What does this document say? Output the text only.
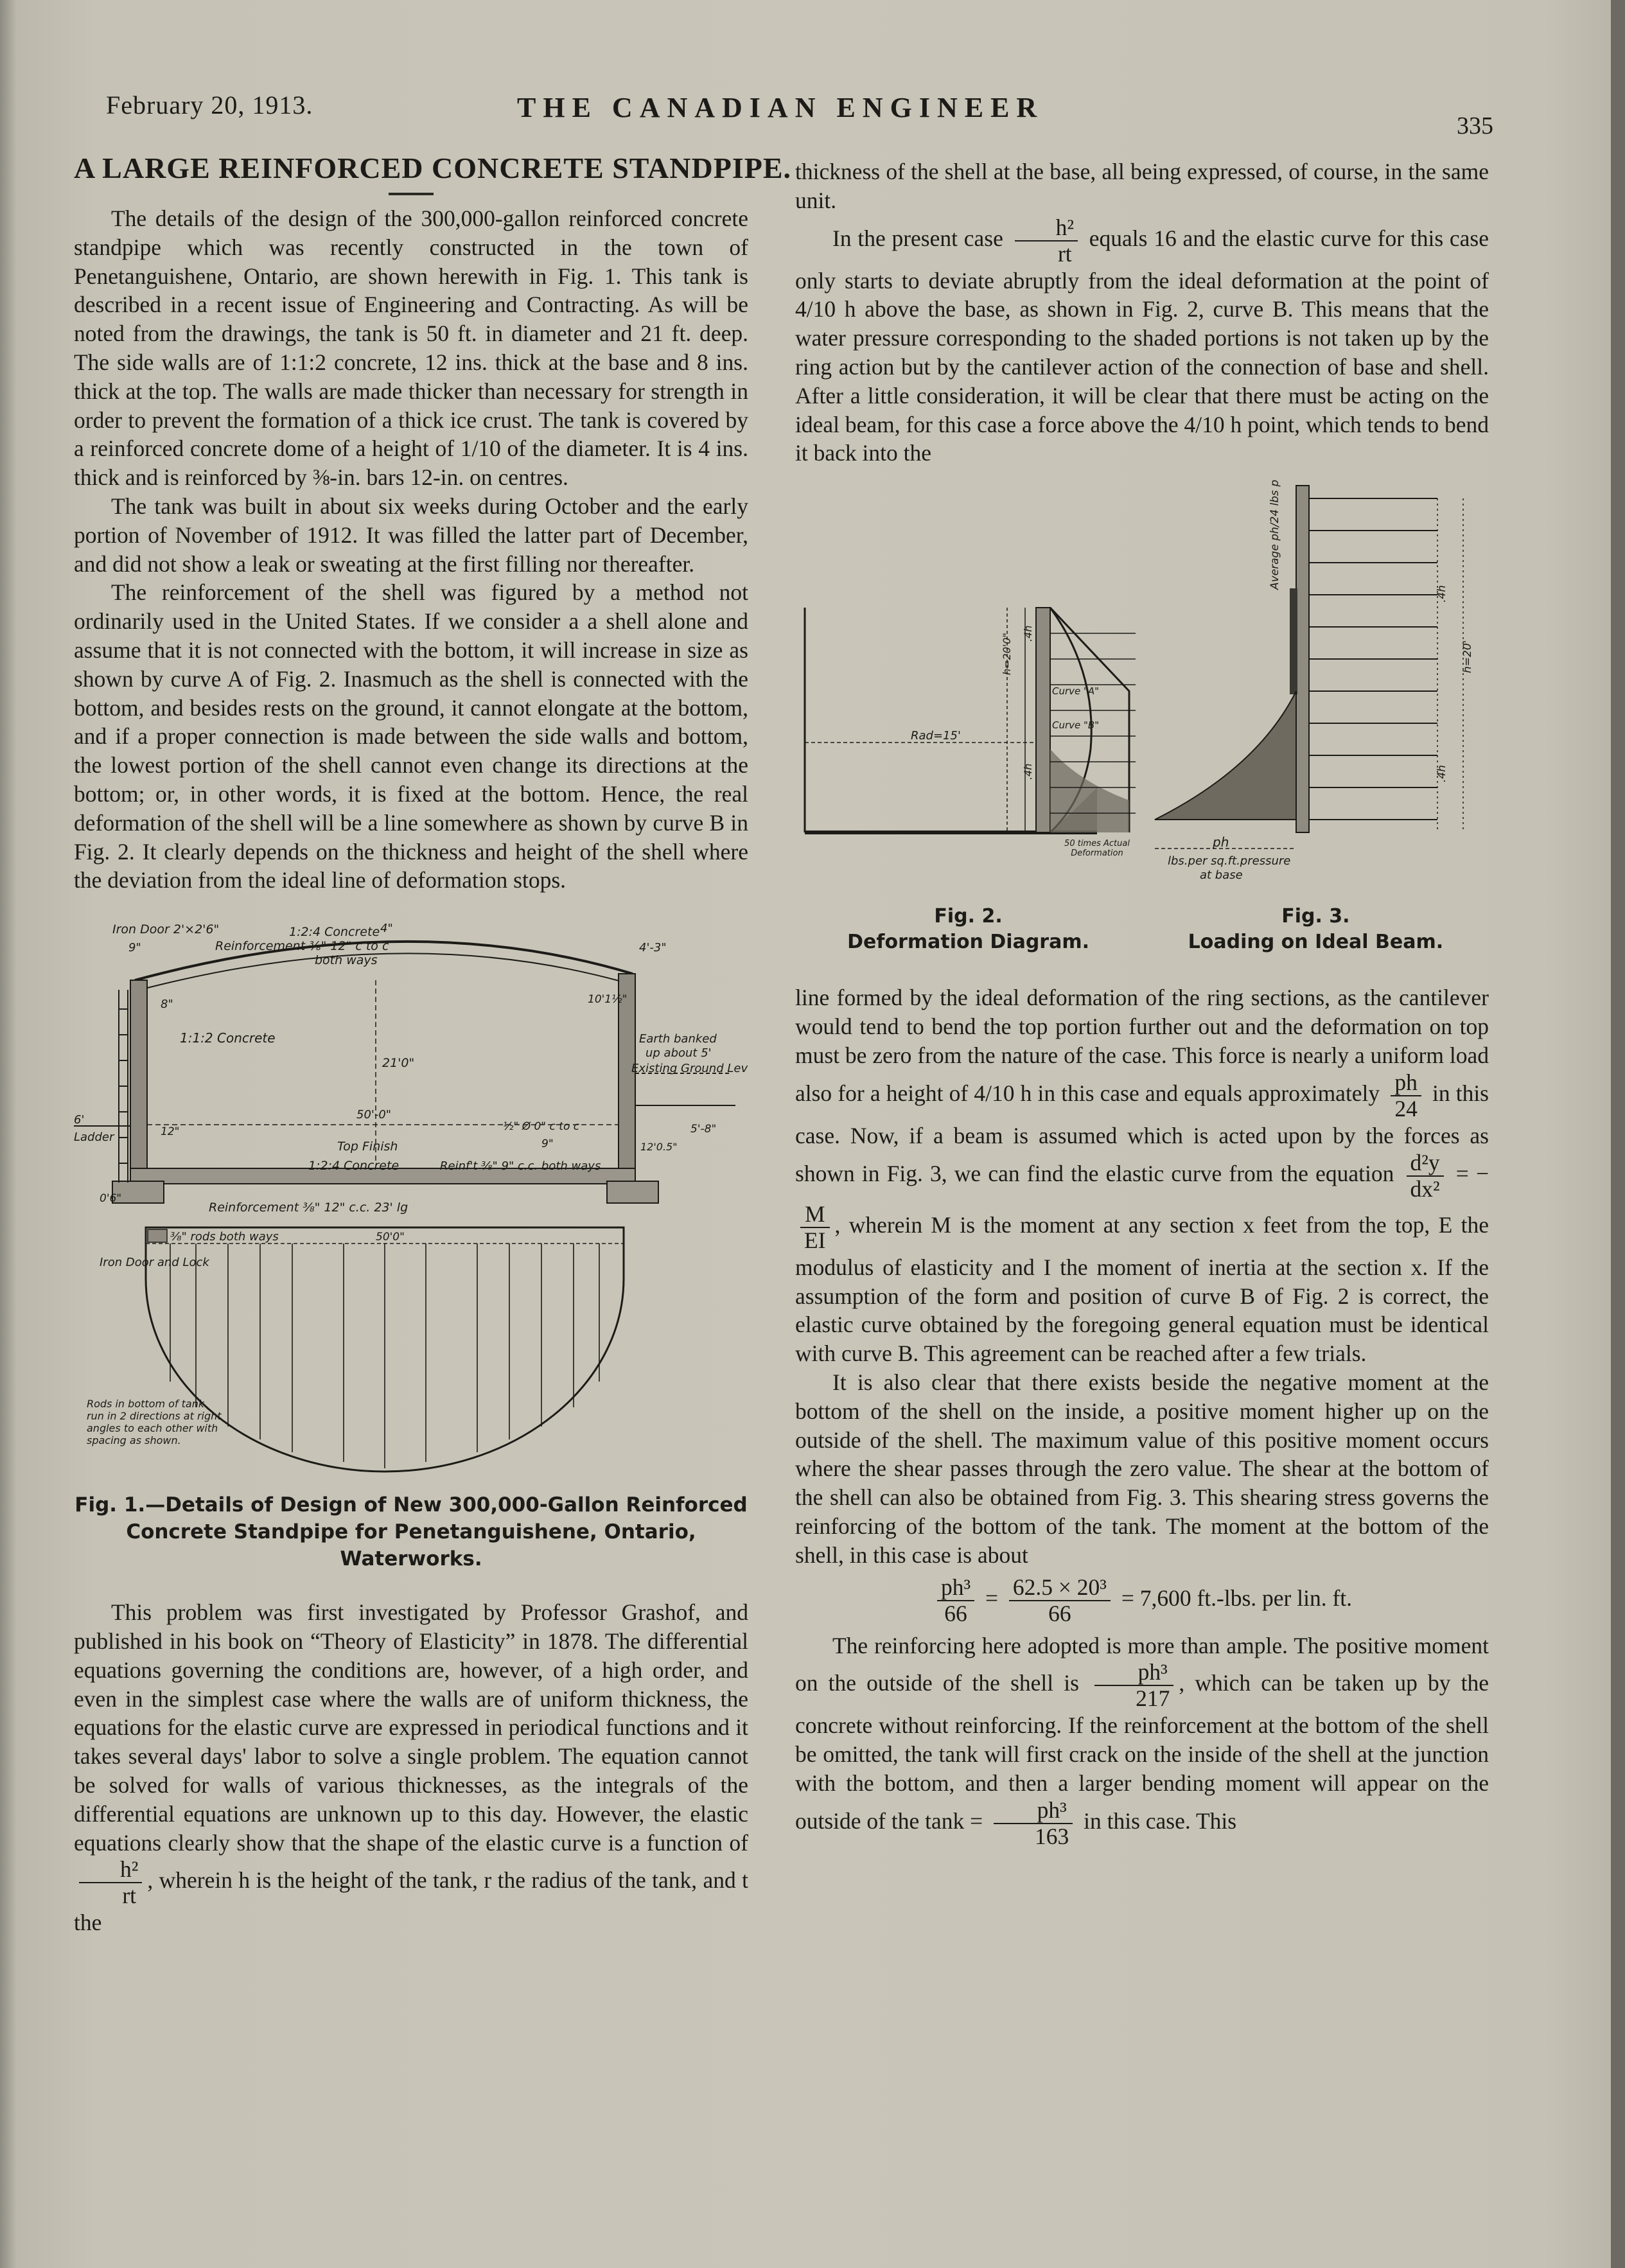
February 20, 1913.	THE CANADIAN ENGINEER
335
A LARGE REINFORCED CONCRETE STANDPIPE.

The details of the design of the 300,000-gallon reinforced concrete standpipe which was recently constructed in the town of Penetanguishene, Ontario, are shown herewith in Fig. 1. This tank is described in a recent issue of Engineering and Contracting. As will be noted from the drawings, the tank is 50 ft. in diameter and 21 ft. deep. The side walls are of 1:1:2 concrete, 12 ins. thick at the base and 8 ins. thick at the top. The walls are made thicker than necessary for strength in order to prevent the formation of a thick ice crust. The tank is covered by a reinforced concrete dome of a height of 1/10 of the diameter. It is 4 ins. thick and is reinforced by ⅜-in. bars 12-in. on centres.

The tank was built in about six weeks during October and the early portion of November of 1912. It was filled the latter part of December, and did not show a leak or sweating at the first filling nor thereafter.

The reinforcement of the shell was figured by a method not ordinarily used in the United States. If we consider a a shell alone and assume that it is not connected with the bottom, it will increase in size as shown by curve A of Fig. 2. Inasmuch as the shell is connected with the bottom, and besides rests on the ground, it cannot elongate at the bottom, and if a proper connection is made between the side walls and bottom, the lowest portion of the shell cannot even change its directions at the bottom; or, in other words, it is fixed at the bottom. Hence, the real deformation of the shell will be a line somewhere as shown by curve B in Fig. 2. It clearly depends on the thickness and height of the shell where the deviation from the ideal line of deformation stops.

Iron Door 2'×2'6"
9"
1:2:4 Concrete
Reinforcement ⅜" 12" c to c
both ways
4"
4'-3"
8"
1:1:2 Concrete
21'0"
10'1½"
Earth banked
up about 5'
Existing Ground Level
50'-0"
Top Finish
½" Ø 0" c to c
9"
12"
12'0.5"
5'-8"
6'
Ladder
1:2:4 Concrete	Reinf't ⅜" 9" c.c. both ways
0'6"
Reinforcement ⅜" 12" c.c. 23' lg
⅜" rods both ways	50'0"
Iron Door and Lock
Rods in bottom of tank run in 2 directions at right angles to each other with spacing as shown.
Fig. 1.—Details of Design of New 300,000-Gallon Reinforced Concrete Standpipe for Penetanguishene, Ontario, Waterworks.

This problem was first investigated by Professor Grashof, and published in his book on “Theory of Elasticity” in 1878. The differential equations governing the conditions are, however, of a high order, and even in the simplest case where the walls are of uniform thickness, the equations for the elastic curve are expressed in periodical functions and it takes several days' labor to solve a single problem. The equation cannot be solved for walls of various thicknesses, as the integrals of the differential equations are unknown up to this day. However, the elastic equations clearly show that the shape of the elastic curve is a function of
$\frac{\text{h²}}{rt}$ , wherein h is the height of the tank, r the radius of the tank, and t the

thickness of the shell at the base, all being expressed, of course, in the same unit.

In the present case $\frac{\text{h²}}{rt}$ equals 16 and the elastic curve for this case only starts to deviate abruptly from the ideal deformation at the point of 4/10 h above the base, as shown in Fig. 2, curve B. This means that the water pressure corresponding to the shaded portions is not taken up by the ring action but by the cantilever action of the connection of base and shell. After a little consideration, it will be clear that there must be acting on the ideal beam, for this case a force above the 4/10 h point, which tends to bend it back into the

Rad=15'
h=20'0" .4h
.4h
Curve "A"
Curve "B"
50 times Actual Deformation
Average ph/24 lbs per lin ft
.4h
.4h
h=20'
ph
lbs.per sq.ft.pressure
at base
Fig. 2.
Deformation Diagram.
Fig. 3.
Loading on Ideal Beam.

line formed by the ideal deformation of the ring sections, as the cantilever would tend to bend the top portion further out and the deformation on top must be zero from the nature of the case. This force is nearly a uniform load also for a height of 4/10 h in this case and equals approximately $\frac{ph}{24}$ in this case. Now, if a beam is assumed which is acted upon by the forces as shown in Fig. 3, we can find the elastic curve from the equation $\frac{\text{d²y}}{\text{dx²}}$ = −
$\frac{M}{EI}$ , wherein M is the moment at any section x feet from the top, E the modulus of elasticity and I the moment of inertia at the section x. If the assumption of the form and position of curve B of Fig. 2 is correct, the elastic curve obtained by the foregoing general equation must be identical with curve B. This agreement can be reached after a few trials.

It is also clear that there exists beside the negative moment at the bottom of the shell on the inside, a positive moment higher up on the outside of the shell. The maximum value of this positive moment occurs where the shear passes through the zero value. The shear at the bottom of the shell can also be obtained from Fig. 3. This shearing stress governs the reinforcing of the bottom of the tank. The moment at the bottom of the shell, in this case is about

$\frac{\text{ph³}}{66} = \frac{\text{62.5 × 20³}}{66} = 7,600$ ft.-lbs. per lin. ft.

The reinforcing here adopted is more than ample. The positive moment on the outside of the shell is $\frac{\text{ph³}}{217}$ , which can be taken up by the concrete without reinforcing. If the reinforcement at the bottom of the shell be omitted, the tank will first crack on the inside of the shell at the junction with the bottom, and then a larger bending moment will appear on the outside of the $\tan k = \frac{\text{ph³}}{163}$ in this case. This
